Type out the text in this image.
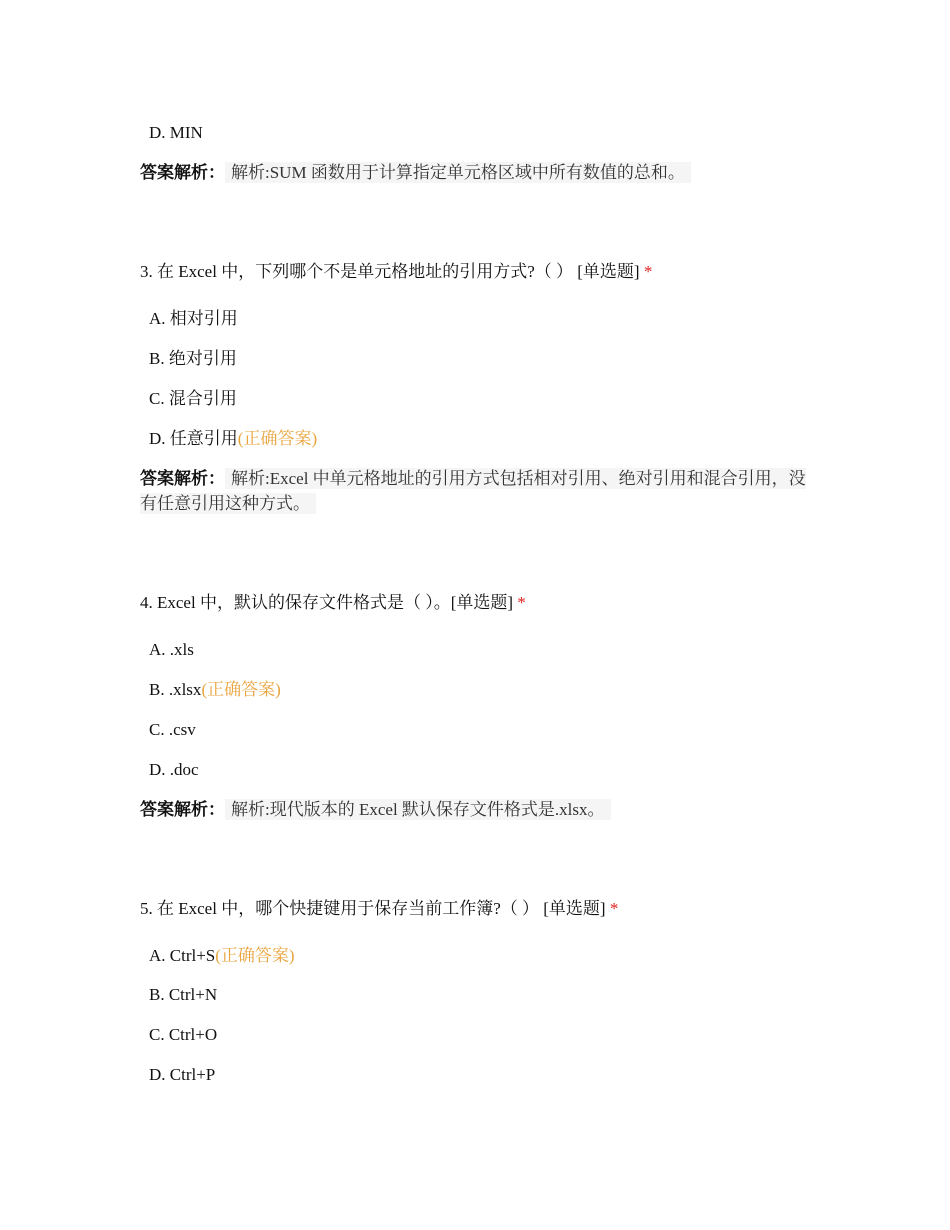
D. MIN
答案解析： 解析:SUM 函数用于计算指定单元格区域中所有数值的总和。
3. 在 Excel 中，下列哪个不是单元格地址的引用方式?（ ） [单选题] *
A. 相对引用
B. 绝对引用
C. 混合引用
D. 任意引用(正确答案)
答案解析： 解析:Excel 中单元格地址的引用方式包括相对引用、绝对引用和混合引用，没有任意引用这种方式。
4. Excel 中，默认的保存文件格式是（ ）。[单选题] *
A. .xls
B. .xlsx(正确答案)
C. .csv
D. .doc
答案解析： 解析:现代版本的 Excel 默认保存文件格式是.xlsx。
5. 在 Excel 中，哪个快捷键用于保存当前工作簿?（ ） [单选题] *
A. Ctrl+S(正确答案)
B. Ctrl+N
C. Ctrl+O
D. Ctrl+P
